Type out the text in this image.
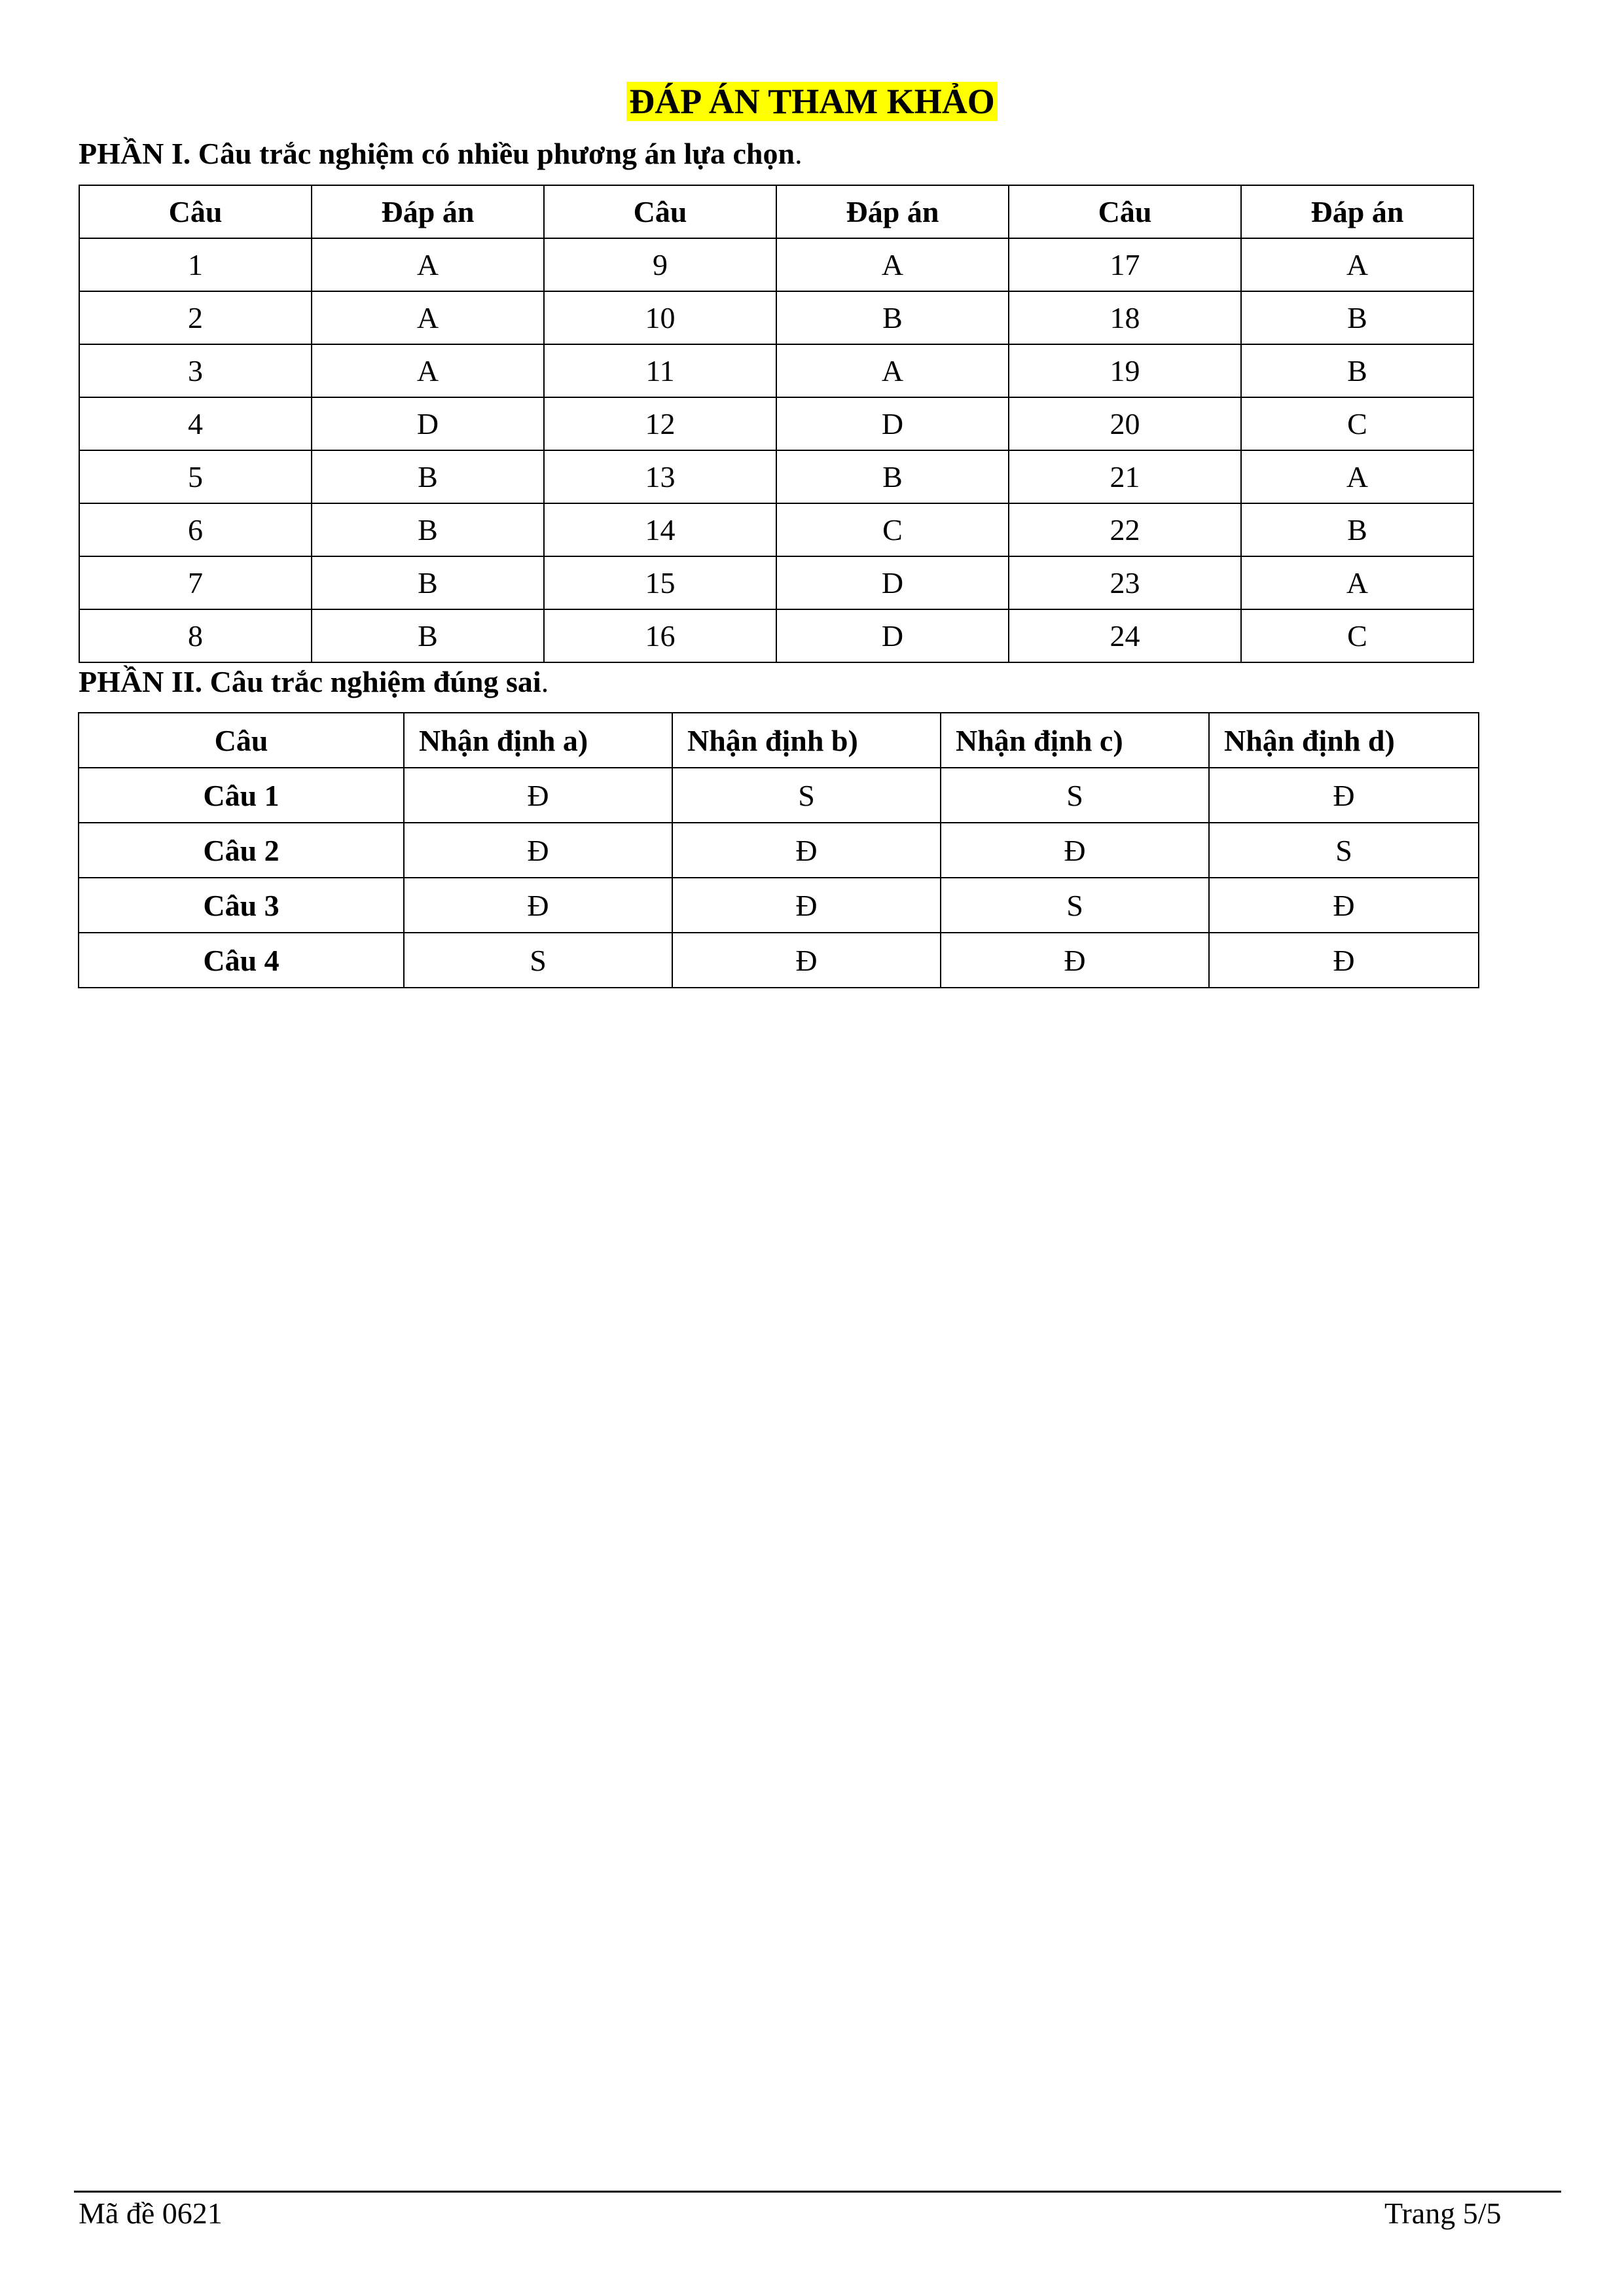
ĐÁP ÁN THAM KHẢO
PHẦN I. Câu trắc nghiệm có nhiều phương án lựa chọn.
Câu	Đáp án	Câu	Đáp án	Câu	Đáp án
1	A	9	A	17	A
2	A	10	B	18	B
3	A	11	A	19	B
4	D	12	D	20	C
5	B	13	B	21	A
6	B	14	C	22	B
7	B	15	D	23	A
8	B	16	D	24	C
PHẦN II. Câu trắc nghiệm đúng sai.
Câu	Nhận định a)	Nhận định b)	Nhận định c)	Nhận định d)
Câu 1	Đ	S	S	Đ
Câu 2	Đ	Đ	Đ	S
Câu 3	Đ	Đ	S	Đ
Câu 4	S	Đ	Đ	Đ
Mã đề 0621	Trang 5/5
